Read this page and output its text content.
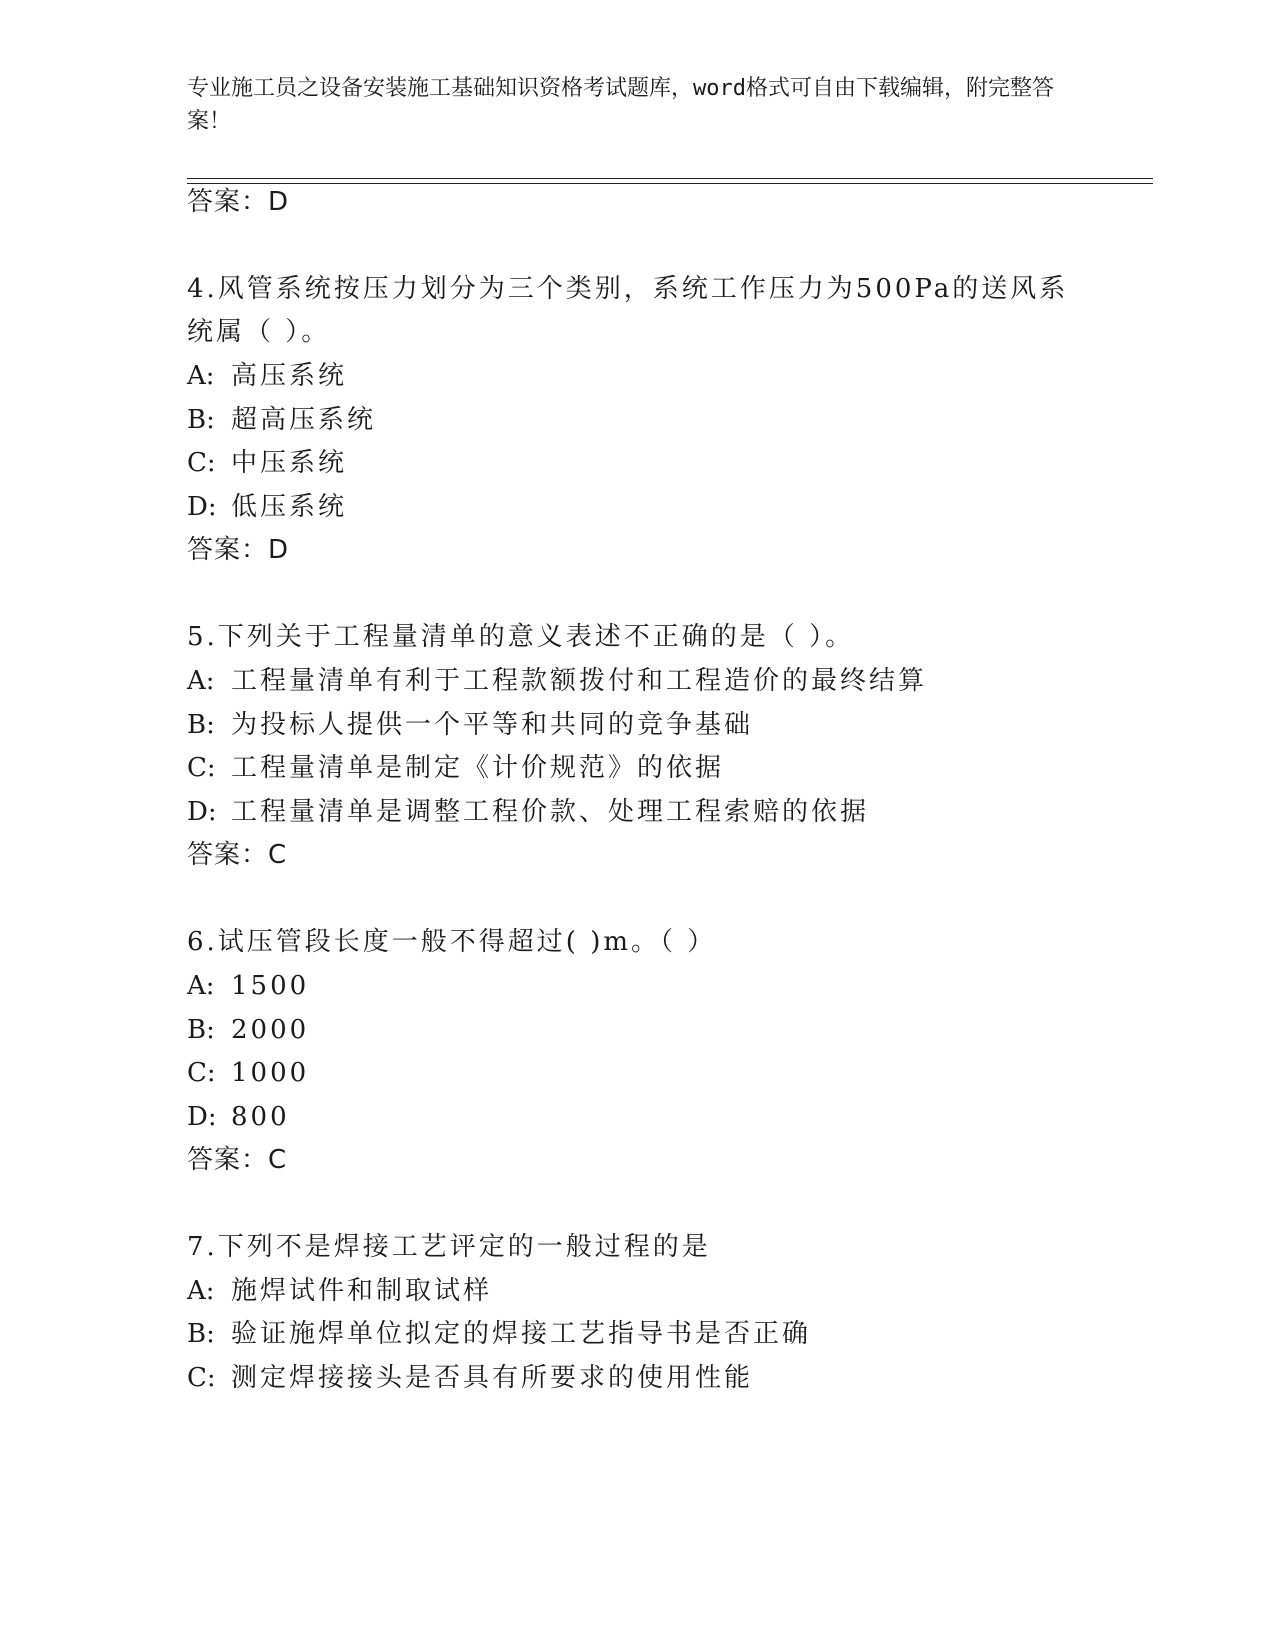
专业施工员之设备安装施工基础知识资格考试题库，word格式可自由下载编辑，附完整答案！
答案：D
4.风管系统按压力划分为三个类别，系统工作压力为500Pa的送风系
统属（ ）。
A: 高压系统
B: 超高压系统
C: 中压系统
D: 低压系统
答案：D
5.下列关于工程量清单的意义表述不正确的是（ ）。
A: 工程量清单有利于工程款额拨付和工程造价的最终结算
B: 为投标人提供一个平等和共同的竞争基础
C: 工程量清单是制定《计价规范》的依据
D: 工程量清单是调整工程价款、处理工程索赔的依据
答案：C
6.试压管段长度一般不得超过( )m。（ ）
A: 1500
B: 2000
C: 1000
D: 800
答案：C
7.下列不是焊接工艺评定的一般过程的是
A: 施焊试件和制取试样
B: 验证施焊单位拟定的焊接工艺指导书是否正确
C: 测定焊接接头是否具有所要求的使用性能
